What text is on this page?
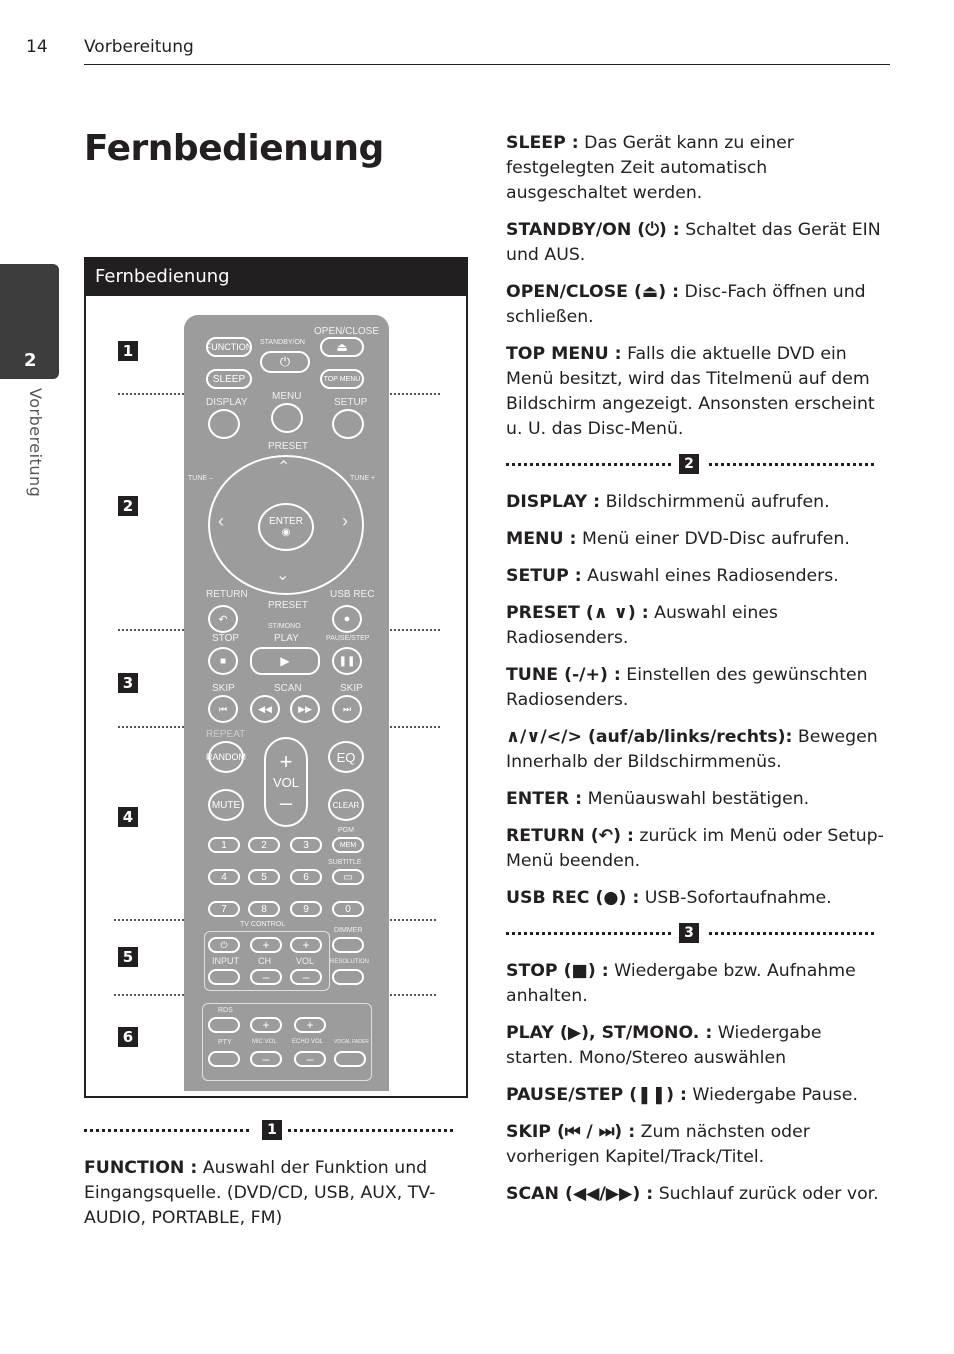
14 Vorbereitung
2
Vorbereitung
Fernbedienung
Fernbedienung
1
2
3
4
5
6
FUNCTION STANDBY/ON
⏻
OPEN/CLOSE
⏏
SLEEP	TOP MENU
DISPLAY
MENU
SETUP
PRESET
TUNE –	TUNE +
⌃
⌄
‹	›
ENTER
◉
RETURN	USB REC
PRESET
↶	●
ST/MONO
STOP	PLAY	PAUSE/STEP
■	▶	❚❚
SKIP	SCAN	SKIP
⏮	◀◀	▶▶	⏭
REPEAT
RANDOM +
VOL
–
EQ
MUTE	CLEAR
PGM
SUBTITLE
1	2	3	MEM
4	5	6	▭
7	8	9	0
TV CONTROL
DIMMER
⏻	+	+
INPUT CH	VOL	RESOLUTION
–	–
RDS
+	+
PTY	MIC VOL	ECHO VOL VOCAL FADER
–	–
1

FUNCTION : Auswahl der Funktion und Eingangsquelle. (DVD/CD, USB, AUX, TV-AUDIO, PORTABLE, FM)

SLEEP : Das Gerät kann zu einer festgelegten Zeit automatisch ausgeschaltet werden.

STANDBY/ON (⏻) : Schaltet das Gerät EIN und AUS.

OPEN/CLOSE (⏏) : Disc-Fach öffnen und schließen.

TOP MENU : Falls die aktuelle DVD ein Menü besitzt, wird das Titelmenü auf dem Bildschirm angezeigt. Ansonsten erscheint u. U. das Disc-Menü.

2

DISPLAY : Bildschirmmenü aufrufen.

MENU : Menü einer DVD-Disc aufrufen.

SETUP : Auswahl eines Radiosenders.

PRESET (∧ ∨) : Auswahl eines Radiosenders.

TUNE (-/+) : Einstellen des gewünschten Radiosenders.

∧/∨/</> (auf/ab/links/rechts): Bewegen Innerhalb der Bildschirmmenüs.

ENTER : Menüauswahl bestätigen.

RETURN (↶) : zurück im Menü oder Setup-Menü beenden.

USB REC (●) : USB-Sofortaufnahme.

3

STOP (■) : Wiedergabe bzw. Aufnahme anhalten.

PLAY (▶), ST/MONO. : Wiedergabe starten. Mono/Stereo auswählen

PAUSE/STEP (❚❚) : Wiedergabe Pause.

SKIP (⏮ / ⏭) : Zum nächsten oder vorherigen Kapitel/Track/Titel.

SCAN (◀◀/▶▶) : Suchlauf zurück oder vor.
